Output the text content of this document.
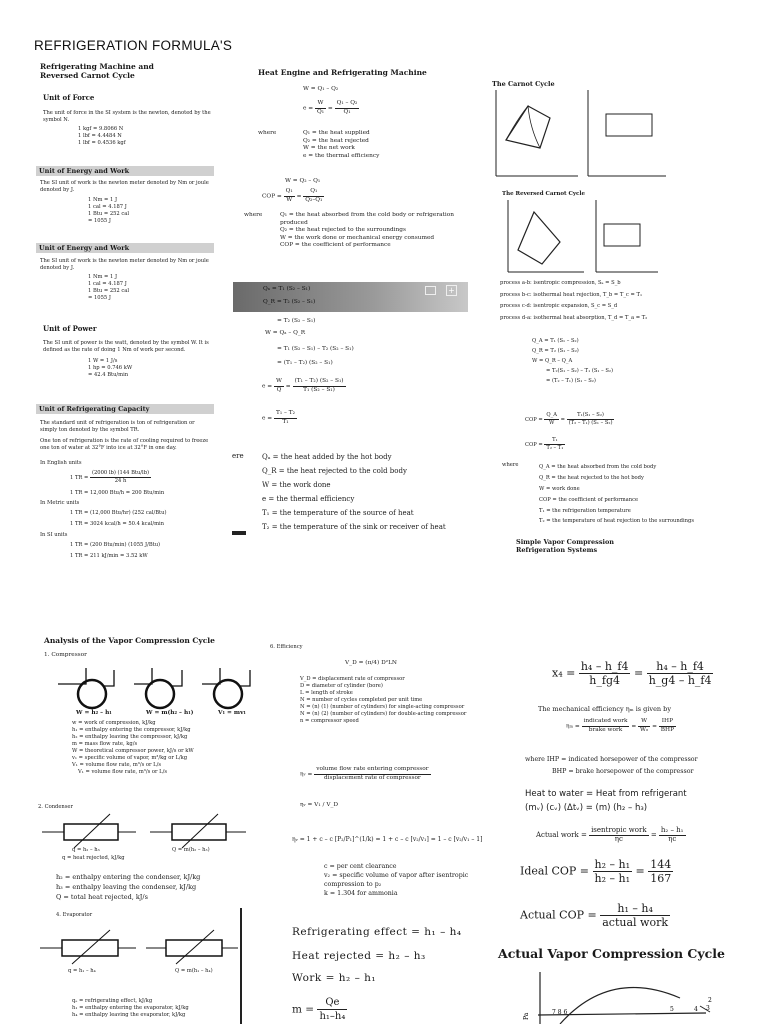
REFRIGERATION FORMULA'S
Refrigerating Machine and Reversed Carnot Cycle
Unit of Force
The unit of force in the SI system is the newton, denoted by the symbol N.
1 kgf = 9.8066 N
1 lbf = 4.4484 N
1 lbf = 0.4536 kgf
Unit of Energy and Work
The SI unit of work is the newton meter denoted by Nm or joule denoted by J.
1 Nm = 1 J
1 cal = 4.187 J
1 Btu = 252 cal
= 1055 J
Unit of Energy and Work
The SI unit of work is the newton meter denoted by Nm or joule denoted by J.
1 Nm = 1 J
1 cal = 4.187 J
1 Btu = 252 cal
= 1055 J
Unit of Power
The SI unit of power is the watt, denoted by the symbol W. It is defined as the rate of doing 1 Nm of work per second.
1 W = 1 J/s
1 hp = 0.746 kW
= 42.4 Btu/min
Unit of Refrigerating Capacity
The standard unit of refrigeration is ton of refrigeration or simply ton denoted by the symbol TR.
One ton of refrigeration is the rate of cooling required to freeze one ton of water at 32°F into ice at 32°F in one day.
In English units
1 TR = $\frac{\text{(2000 lb) (144 Btu/lb)}}{24 h}$
1 TR = 12,000 Btu/h = 200 Btu/min
In Metric units
1 TR = (12,000 Btu/hr) (252 cal/Btu)
1 TR = 3024 kcal/h = 50.4 kcal/min
In SI units
1 TR = (200 Btu/min) (1055 J/Btu)
1 TR = 211 kJ/min = 3.52 kW
Heat Engine and Refrigerating Machine
W = Q₁ – Q₂
$e = \frac{W}{\text{Q₁}} = \frac{\text{Q₁ – Q₂}}{\text{Q₁}}$
where	Q₁ = the heat supplied
Q₂ = the heat rejected
W = the net work
e = the thermal efficiency
W = Q₂ – Q₁
COP = $\frac{\text{Q₁}}{W} = \frac{\text{Q₁}}{\text{Q₂–Q₁}}$
where	Q₁ = the heat absorbed from the cold body or refrigeration produced
Q₂ = the heat rejected to the surroundings
W = the work done or mechanical energy consumed
COP = the coefficient of performance
Qₐ = T₁ (S₂ – S₁)
Q_R = T₂ (S₂ – S₁)
+
= T₂ (S₂ – S₁)
W = Qₐ – Q_R
= T₁ (S₂ – S₁) – T₂ (S₂ – S₁)
= (T₁ – T₂) (S₂ – S₁)
$e = \frac{W}{Q} = \frac{\text{(T₁ – T₂) (S₂ – S₁)}}{\text{T₁ (S₂ – S₁)}}$
$e = \frac{\text{T₁ – T₂}}{\text{T₁}}$
ere	Qₐ = the heat added by the hot body
Q_R = the heat rejected to the cold body
W = the work done
e = the thermal efficiency
T₁ = the temperature of the source of heat
T₂ = the temperature of the sink or receiver of heat
The Carnot Cycle
The Reversed Carnot Cycle
process a-b: isentropic compression, Sₐ = S_b
process b-c: isothermal heat rejection, T_b = T_c = T₁
process c-d: isentropic expansion, S_c = S_d
process d-a: isothermal heat absorption, T_d = T_a = T₂
Q_A = T₁ (S₁ – S₂)
Q_R = T₂ (S₁ – S₂)
W = Q_R – Q_A
= T₂(S₁ – S₂) – T₁ (S₁ – S₂)
= (T₂ – T₁) (S₁ – S₂)
COP = $\frac{Q\_A}{W} = \frac{\text{T₁(S₁ – S₂)}}{\text{(T₂ – T₁) (S₁ – S₂)}}$
COP = $\frac{\text{T₁}}{\text{T₂ – T₁}}$
where	Q_A = the heat absorbed from the cold body
Q_R = the heat rejected to the hot body
W = work done
COP = the coefficient of performance
T₁ = the refrigeration temperature
T₂ = the temperature of heat rejection to the surroundings
Simple Vapor Compression Refrigeration Systems
Analysis of the Vapor Compression Cycle
1. Compressor
W = h₂ – h₁	W = m(h₂ – h₁)	V₁ = mv₁
w = work of compression, kJ/kg
h₁ = enthalpy entering the compressor, kJ/kg
h₂ = enthalpy leaving the compressor, kJ/kg
m = mass flow rate, kg/s
W = theoretical compressor power, kJ/s or kW
v₁ = specific volume of vapor, m³/kg or L/kg
V₁ = volume flow rate, m³/s or L/s
V₁ = volume flow rate, m³/s or L/s
2. Condenser
q = h₂ – h₃	Q = m(h₂ – h₃)
q = heat rejected, kJ/kg
h₂ = enthalpy entering the condenser, kJ/kg
h₃ = enthalpy leaving the condenser, kJ/kg
Q = total heat rejected, kJ/s
4. Evaporator
q = h₁ – h₄	Q = m(h₁ – h₄)
qₑ = refrigerating effect, kJ/kg
h₁ = enthalpy entering the evaporator, kJ/kg
h₄ = enthalpy leaving the evaporator, kJ/kg
6. Efficiency
V_D = (π/4) D²LN
V_D = displacement rate of compressor
D = diameter of cylinder (bore)
L = length of stroke
N = number of cycles completed per unit time
N = (n) (1) (number of cylinders) for single-acting compressor
N = (n) (2) (number of cylinders) for double-acting compressor
n = compressor speed
ηᵥ = $\frac{\text{volume flow rate entering compressor}}{\text{displacement rate of compressor}}$
ηᵥ = V₁ / V_D
ηᵥ = 1 + c – c [P₂/P₁]^(1/k) = 1 + c – c [v₂/v₁] = 1 – c [v₂/v₁ – 1]
c = per cent clearance
v₂ = specific volume of vapor after isentropic compression to p₂
k = 1.304 for ammonia
Refrigerating effect = h₁ – h₄
Heat rejected = h₂ – h₃
Work = h₂ – h₁
$m = \frac{Qe}{\text{h₁–h₄}}$
$x_4 = \frac{\text{h₄ – h\_f4}}{h\_fg4} = \frac{\text{h₄ – h\_f4}}{h\_g4 - h\_f4}$
The mechanical efficiency ηₘ is given by
$\eta_m = \frac{\text{indicated work}}{\text{brake work}} = \frac{W}{\text{Wₒ}} = \frac{\text{IHP}}{\text{BHP}}$
where IHP = indicated horsepower of the compressor
BHP = brake horsepower of the compressor
Heat to water = Heat from refrigerant
(mᵥ) (cᵥ) (Δtᵥ) = (m) (h₂ – h₃)
Actual work = $\frac{\text{isentropic work}}{\eta c} = \frac{\text{h₂ – h₁}}{\eta c}$
Ideal COP = $\frac{\text{h₂ – h₁}}{\text{h₂ – h₁}} = \frac{144}{167}$
Actual COP = $\frac{\text{h₁ – h₄}}{\text{actual work}}$
Actual Vapor Compression Cycle
Pa
7 8 6	5	4 3
2
